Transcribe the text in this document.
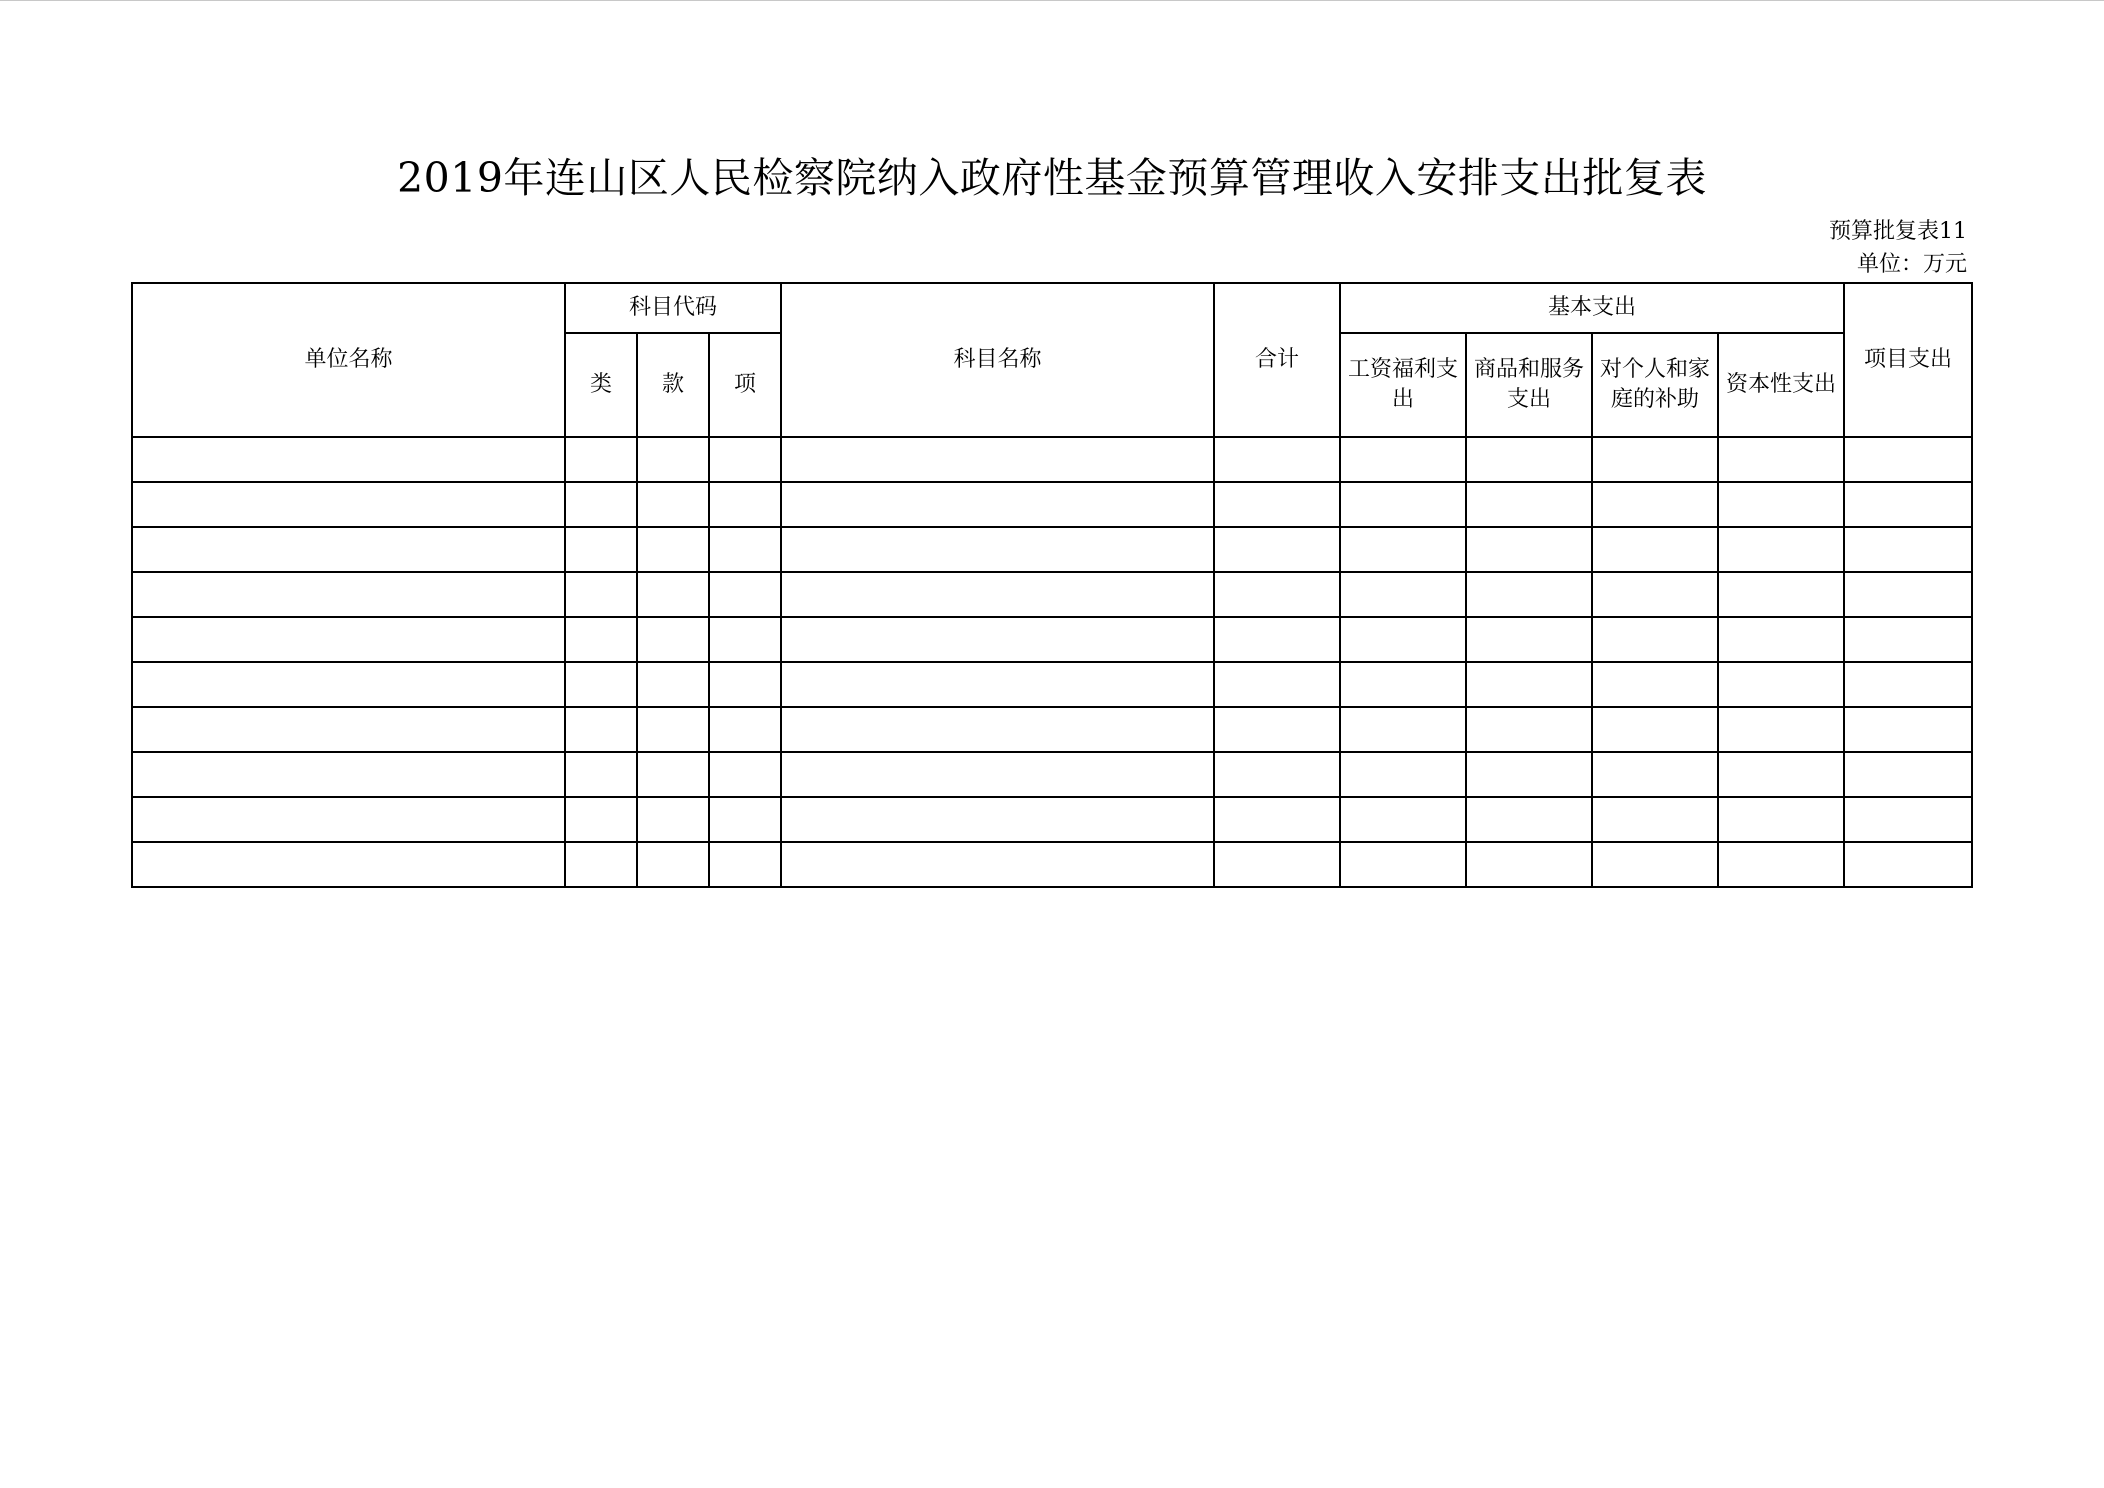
2019年连山区人民检察院纳入政府性基金预算管理收入安排支出批复表
预算批复表11
单位：万元
单位名称	科目代码			科目名称	合计	基本支出				项目支出
	类	款	项			工资福利支出	商品和服务支出	对个人和家庭的补助	资本性支出	
